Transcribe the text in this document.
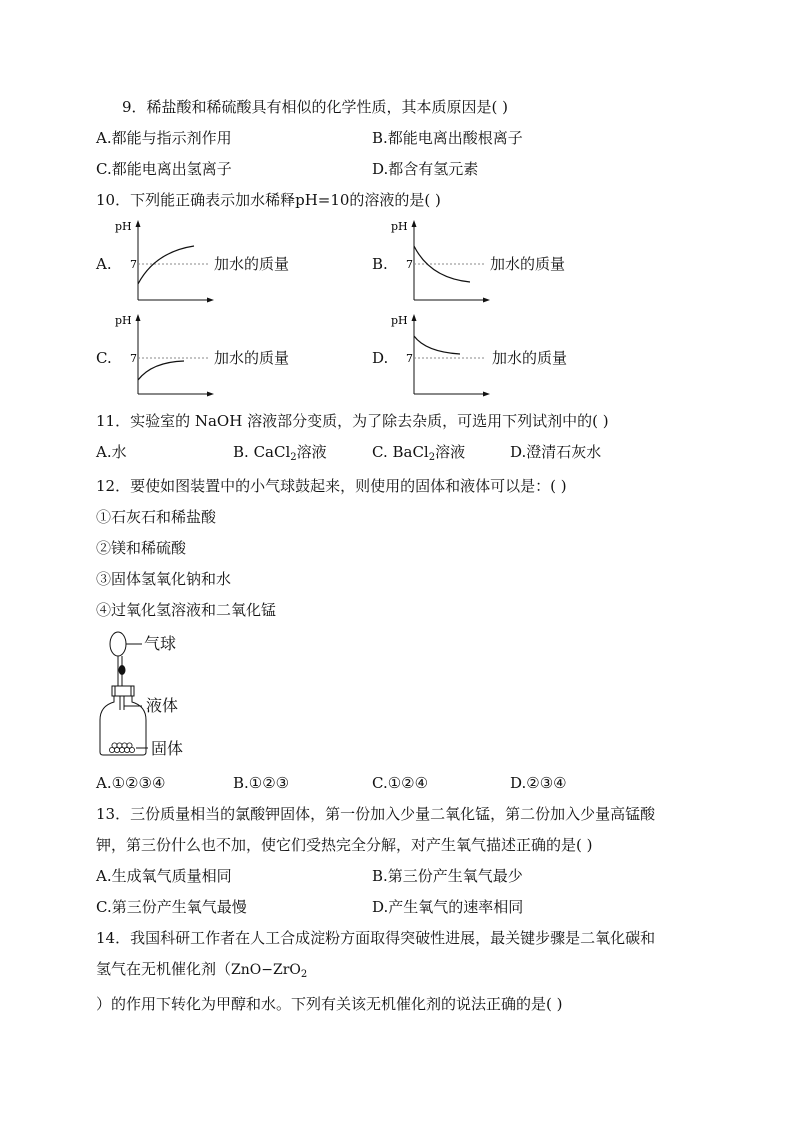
9．稀盐酸和稀硫酸具有相似的化学性质，其本质原因是( )
A.都能与指示剂作用	B.都能电离出酸根离子
C.都能电离出氢离子	D.都含有氢元素
10．下列能正确表示加水稀释pH=10的溶液的是( )
A.
pH
7	加水的质量	B.
pH
7	加水的质量
C.
pH
7	加水的质量	D.
pH
7	加水的质量
11．实验室的 NaOH 溶液部分变质，为了除去杂质，可选用下列试剂中的( )
A.水	B. CaCl$_2$溶液	C. BaCl$_2$溶液	D.澄清石灰水
12．要使如图装置中的小气球鼓起来，则使用的固体和液体可以是：( )
①石灰石和稀盐酸
②镁和稀硫酸
③固体氢氧化钠和水
④过氧化氢溶液和二氧化锰
气球
液体
固体
A.①②③④	B.①②③	C.①②④	D.②③④
13．三份质量相当的氯酸钾固体，第一份加入少量二氧化锰，第二份加入少量高锰酸
钾，第三份什么也不加，使它们受热完全分解，对产生氧气描述正确的是( )
A.生成氧气质量相同	B.第三份产生氧气最少
C.第三份产生氧气最慢	D.产生氧气的速率相同
14．我国科研工作者在人工合成淀粉方面取得突破性进展，最关键步骤是二氧化碳和
氢气在无机催化剂（ZnO−ZrO$_2$
）的作用下转化为甲醇和水。下列有关该无机催化剂的说法正确的是( )
